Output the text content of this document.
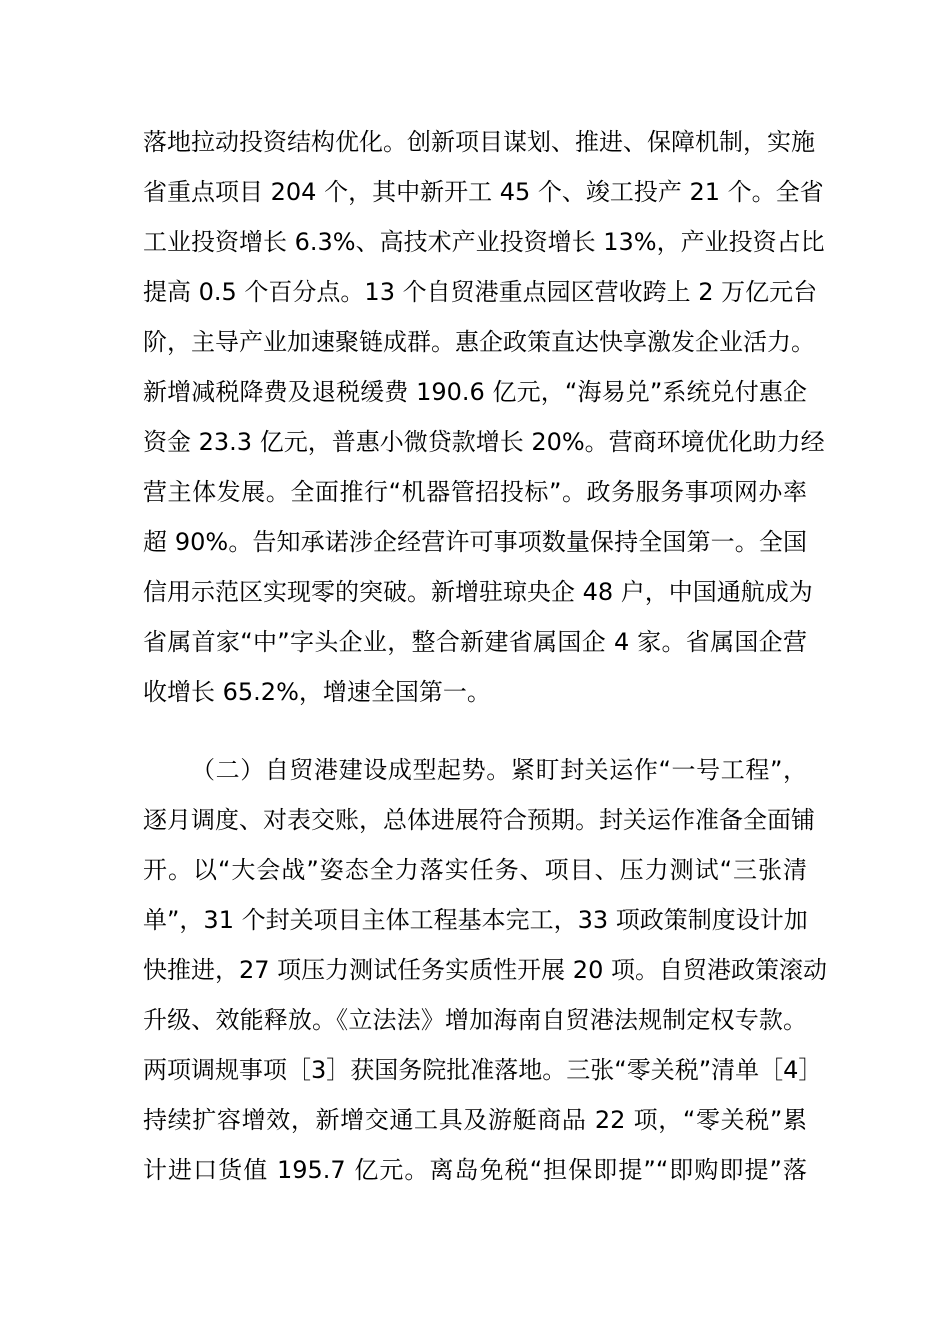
落地拉动投资结构优化。创新项目谋划、推进、保障机制，实施
省重点项目 204 个，其中新开工 45 个、竣工投产 21 个。全省
工业投资增长 6.3%、高技术产业投资增长 13%，产业投资占比
提高 0.5 个百分点。13 个自贸港重点园区营收跨上 2 万亿元台
阶，主导产业加速聚链成群。惠企政策直达快享激发企业活力。
新增减税降费及退税缓费 190.6 亿元，“海易兑”系统兑付惠企
资金 23.3 亿元，普惠小微贷款增长 20%。营商环境优化助力经
营主体发展。全面推行“机器管招投标”。政务服务事项网办率
超 90%。告知承诺涉企经营许可事项数量保持全国第一。全国
信用示范区实现零的突破。新增驻琼央企 48 户，中国通航成为
省属首家“中”字头企业，整合新建省属国企 4 家。省属国企营
收增长 65.2%，增速全国第一。
（二）自贸港建设成型起势。紧盯封关运作“一号工程”，
逐月调度、对表交账，总体进展符合预期。封关运作准备全面铺
开。以“大会战”姿态全力落实任务、项目、压力测试“三张清
单”，31 个封关项目主体工程基本完工，33 项政策制度设计加
快推进，27 项压力测试任务实质性开展 20 项。自贸港政策滚动
升级、效能释放。《立法法》增加海南自贸港法规制定权专款。
两项调规事项［3］获国务院批准落地。三张“零关税”清单［4］
持续扩容增效，新增交通工具及游艇商品 22 项，“零关税”累
计进口货值 195.7 亿元。离岛免税“担保即提”“即购即提”落
